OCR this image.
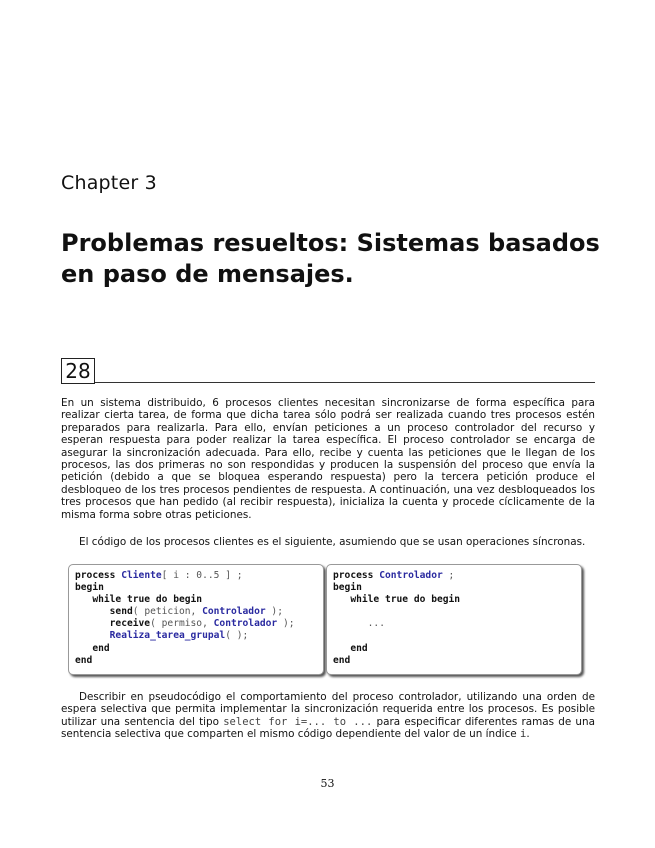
Chapter 3
Problemas resueltos: Sistemas basados en paso de mensajes.
28
En un sistema distribuido, 6 procesos clientes necesitan sincronizarse de forma específica para realizar cierta tarea, de forma que dicha tarea sólo podrá ser realizada cuando tres procesos estén preparados para realizarla. Para ello, envían peticiones a un proceso controlador del recurso y esperan respuesta para poder realizar la tarea específica. El proceso controlador se encarga de asegurar la sincronización adecuada. Para ello, recibe y cuenta las peticiones que le llegan de los procesos, las dos primeras no son respondidas y producen la suspensión del proceso que envía la petición (debido a que se bloquea esperando respuesta) pero la tercera petición produce el desbloqueo de los tres procesos pendientes de respuesta. A continuación, una vez desbloqueados los tres procesos que han pedido (al recibir respuesta), inicializa la cuenta y procede cíclicamente de la misma forma sobre otras peticiones.
El código de los procesos clientes es el siguiente, asumiendo que se usan operaciones síncronas.
process Cliente[ i : 0..5 ] ;
begin
while true do begin
send( peticion, Controlador );
receive( permiso, Controlador );
Realiza_tarea_grupal( );
end
end
process Controlador ;
begin
while true do begin
...
end
end
Describir en pseudocódigo el comportamiento del proceso controlador, utilizando una orden de espera selectiva que permita implementar la sincronización requerida entre los procesos. Es posible utilizar una sentencia del tipo select for i=... to ... para especificar diferentes ramas de una sentencia selectiva que comparten el mismo código dependiente del valor de un índice i.
53
